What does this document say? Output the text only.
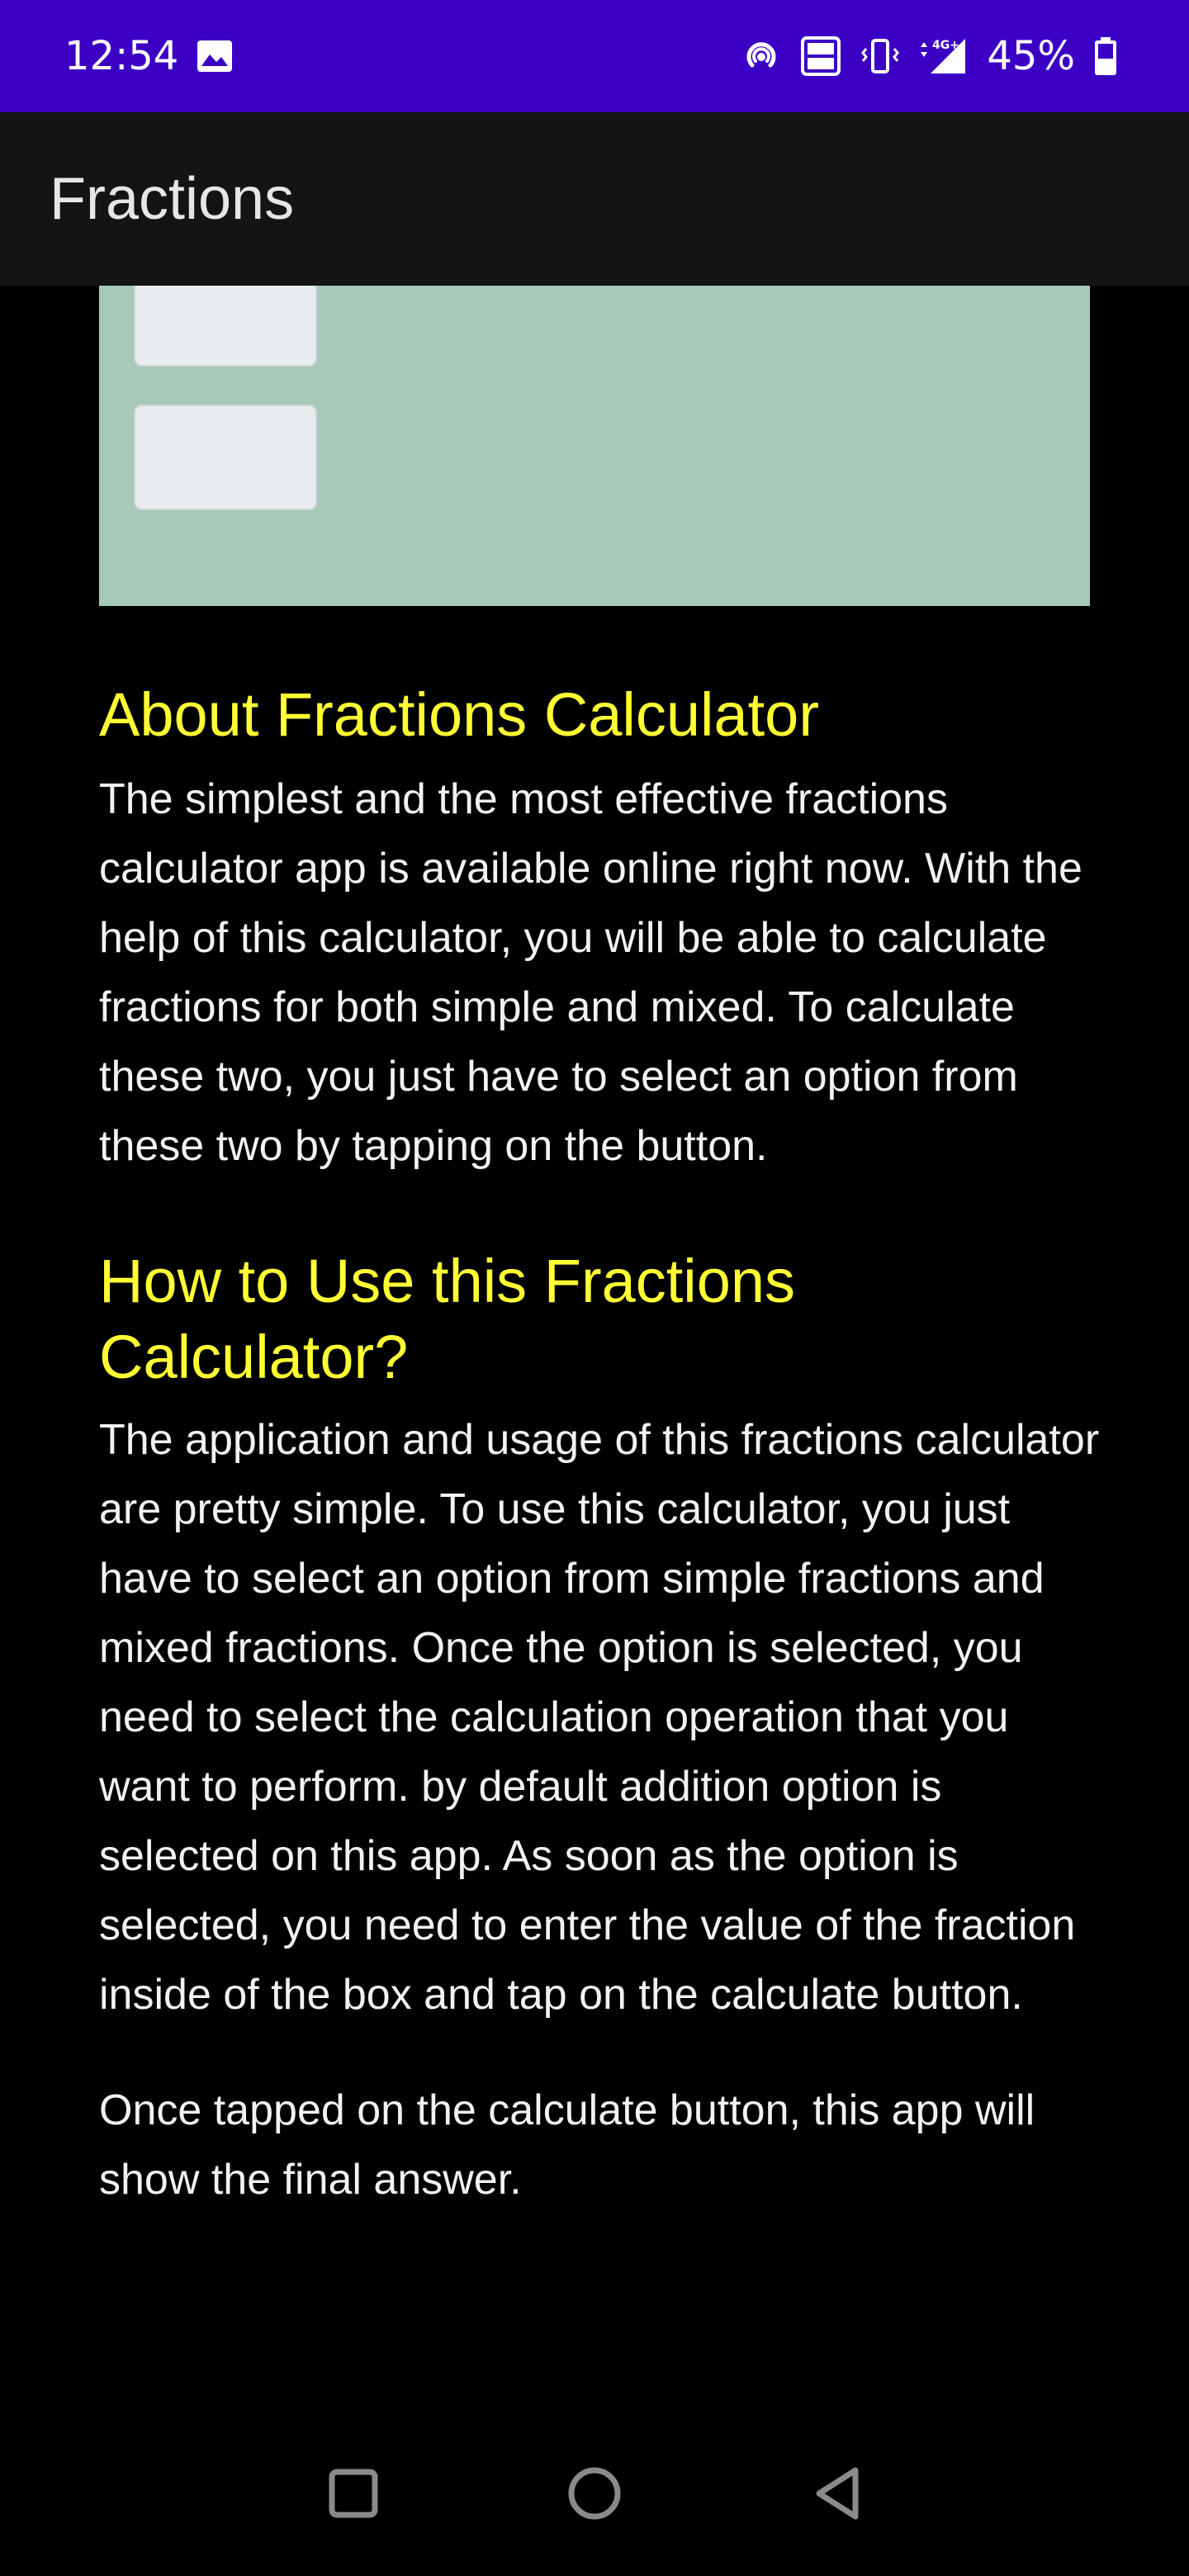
12:54	4G+ 45%
Fractions
About Fractions Calculator

The simplest and the most effective fractions calculator app is available online right now. With the help of this calculator, you will be able to calculate fractions for both simple and mixed. To calculate these two, you just have to select an option from these two by tapping on the button.

How to Use this Fractions Calculator?

The application and usage of this fractions calculator are pretty simple. To use this calculator, you just have to select an option from simple fractions and mixed fractions. Once the option is selected, you need to select the calculation operation that you want to perform. by default addition option is selected on this app. As soon as the option is selected, you need to enter the value of the fraction inside of the box and tap on the calculate button.

Once tapped on the calculate button, this app will show the final answer.
